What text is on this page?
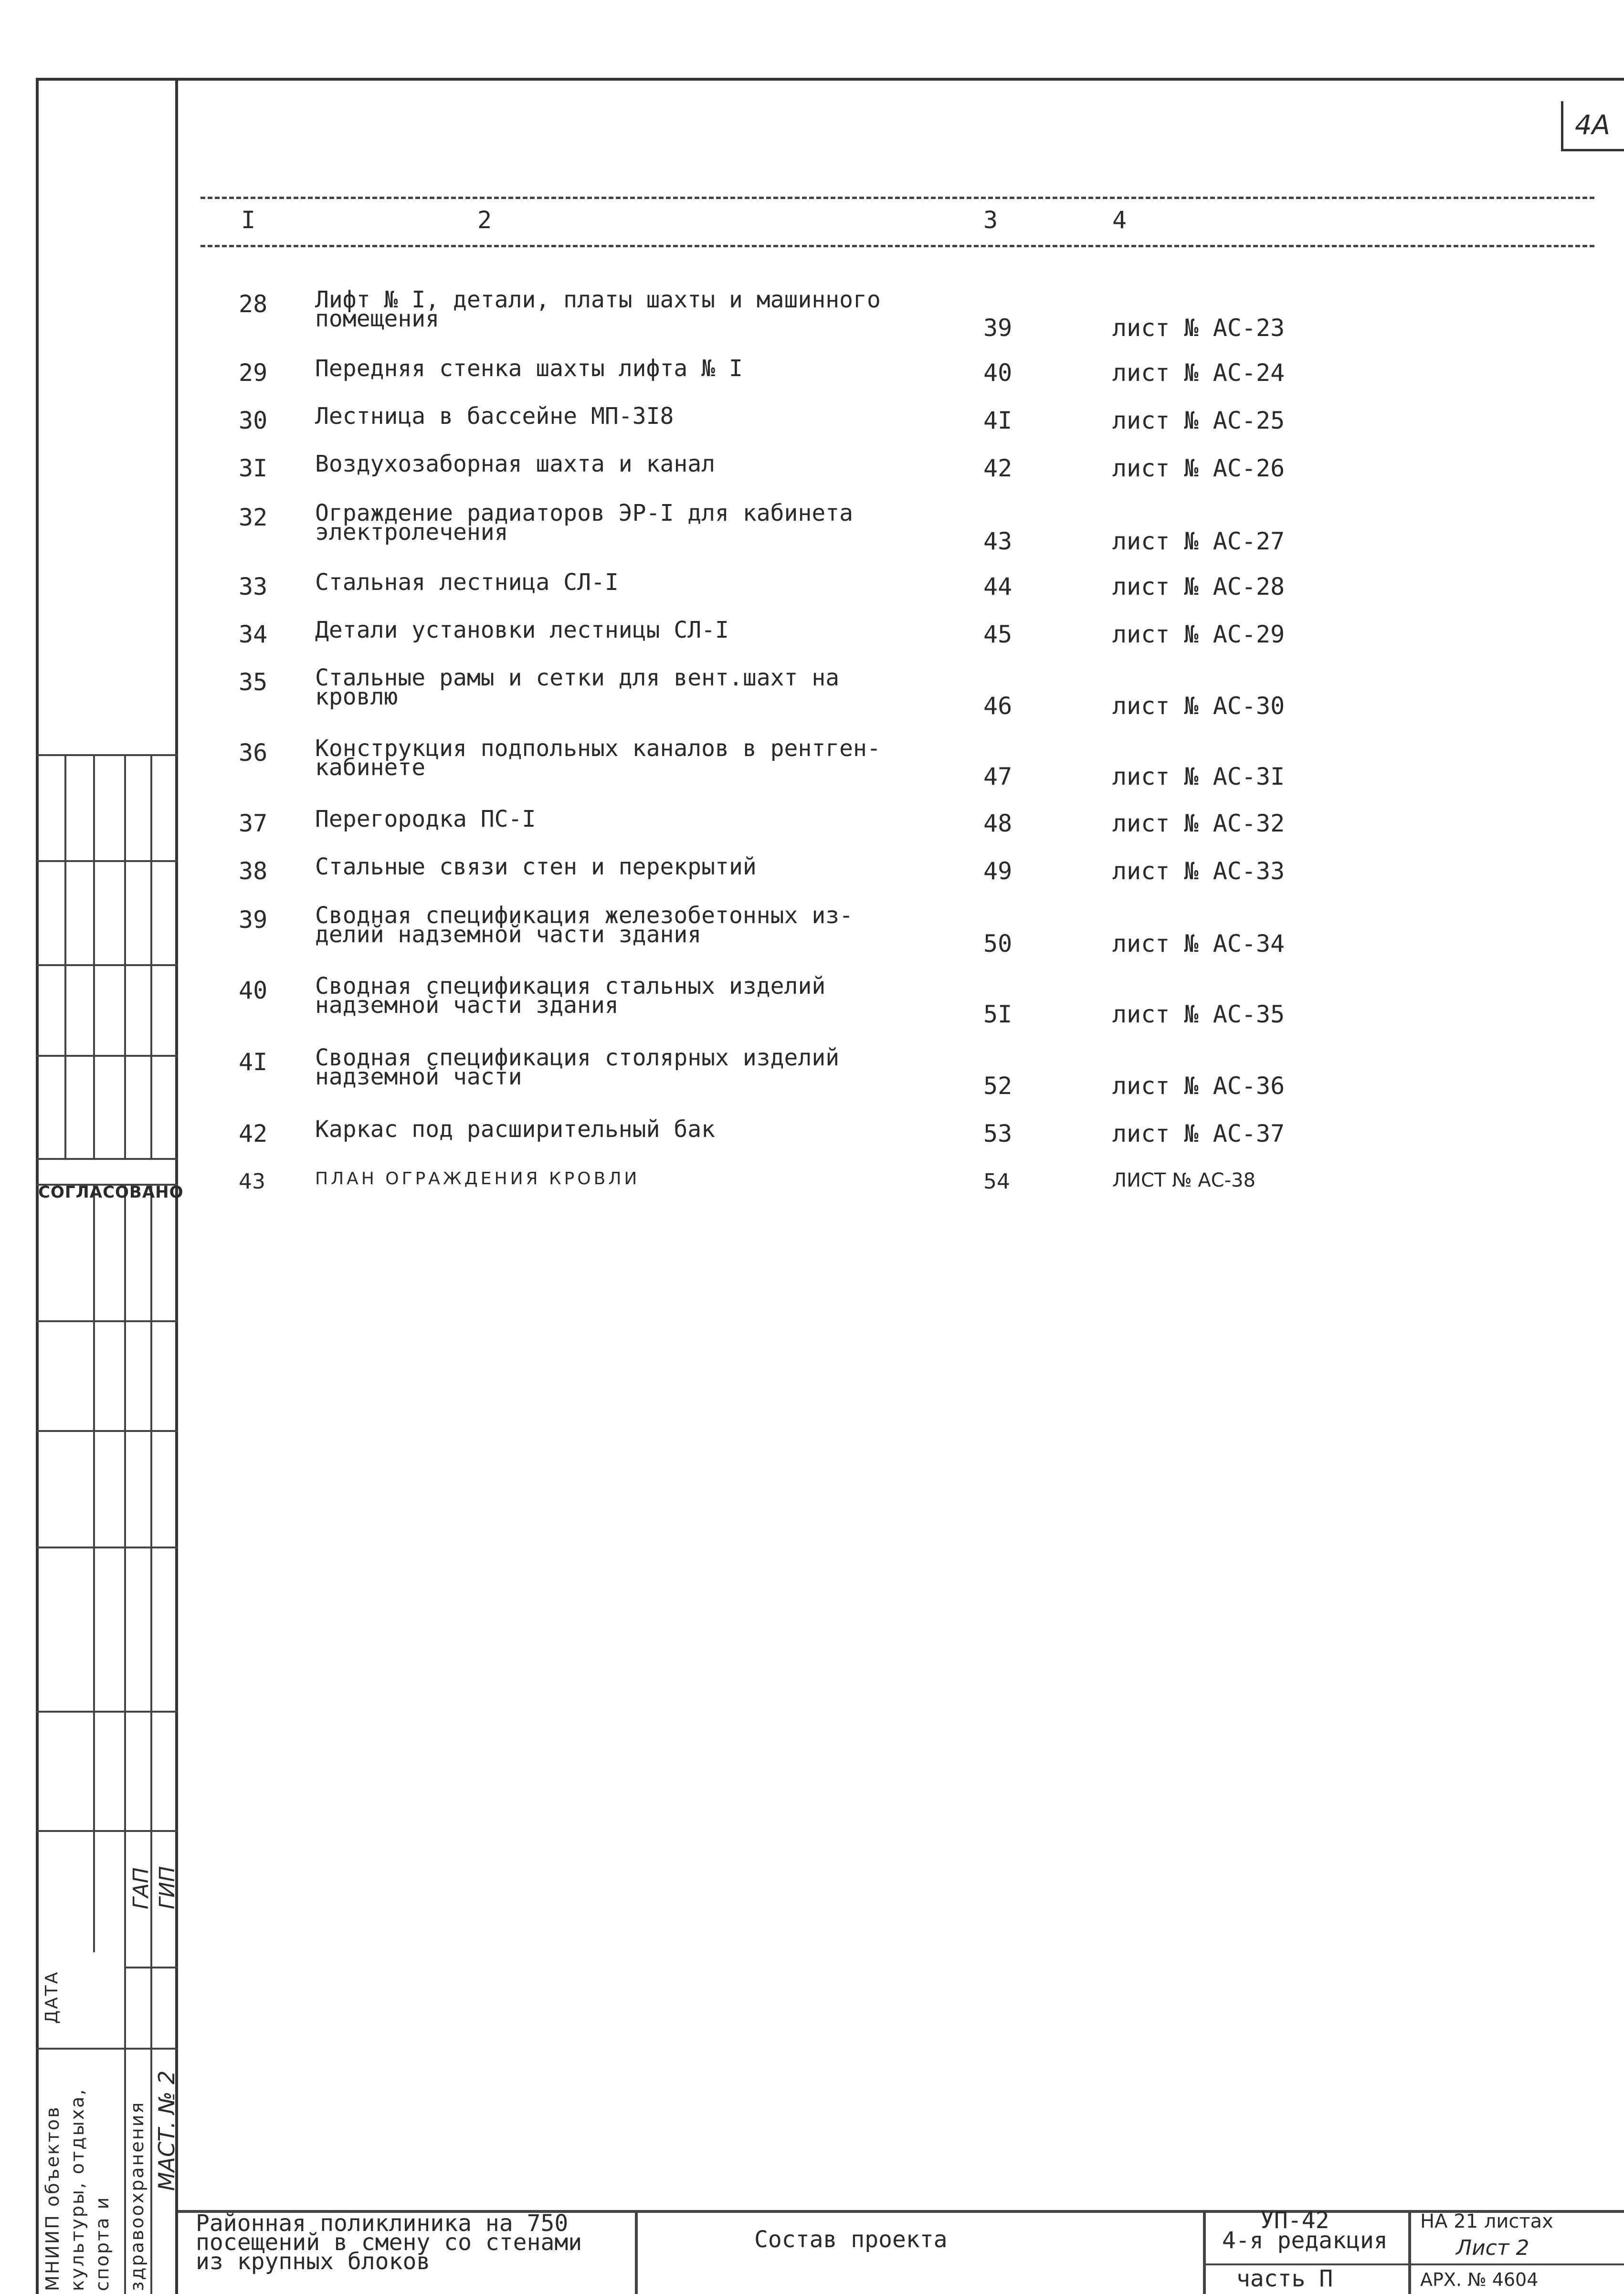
4А
I	2	3	4
28 Лифт № I, детали, платы шахты и машинного
помещения	39	лист № АС-23
29 Передняя стенка шахты лифта № I	40	лист № АС-24
30 Лестница в бассейне МП-3I8	4I	лист № АС-25
3I Воздухозаборная шахта и канал	42	лист № АС-26
32 Ограждение радиаторов ЭР-I для кабинета
электролечения	43	лист № АС-27
33 Стальная лестница СЛ-I	44	лист № АС-28
34 Детали установки лестницы СЛ-I	45	лист № АС-29
35 Стальные рамы и сетки для вент.шахт на
кровлю	46	лист № АС-30
36 Конструкция подпольных каналов в рентген-
кабинете	47	лист № АС-3I
37 Перегородка ПС-I	48	лист № АС-32
38 Стальные связи стен и перекрытий	49	лист № АС-33
39 Сводная спецификация железобетонных из-
делий надземной части здания	50	лист № АС-34
40 Сводная спецификация стальных изделий
надземной части здания	5I	лист № АС-35
4I Сводная спецификация столярных изделий
надземной части	52	лист № АС-36
42 Каркас под расширительный бак	53	лист № АС-37
43	ПЛАН ОГРАЖДЕНИЯ КРОВЛИ	54	ЛИСТ № АС-38
СОГЛАСОВАНО
ГАП ГИП
ДАТА
МНИИП объектов культуры, отдыха, спорта и здравоохранения МАСТ. № 2
Районная поликлиника на 750
посещений в смену со стенами
из крупных блоков
Состав проекта
УП-42
4-я редакция
часть П
НА 21 листах
Лист 2
АРХ. № 4604
